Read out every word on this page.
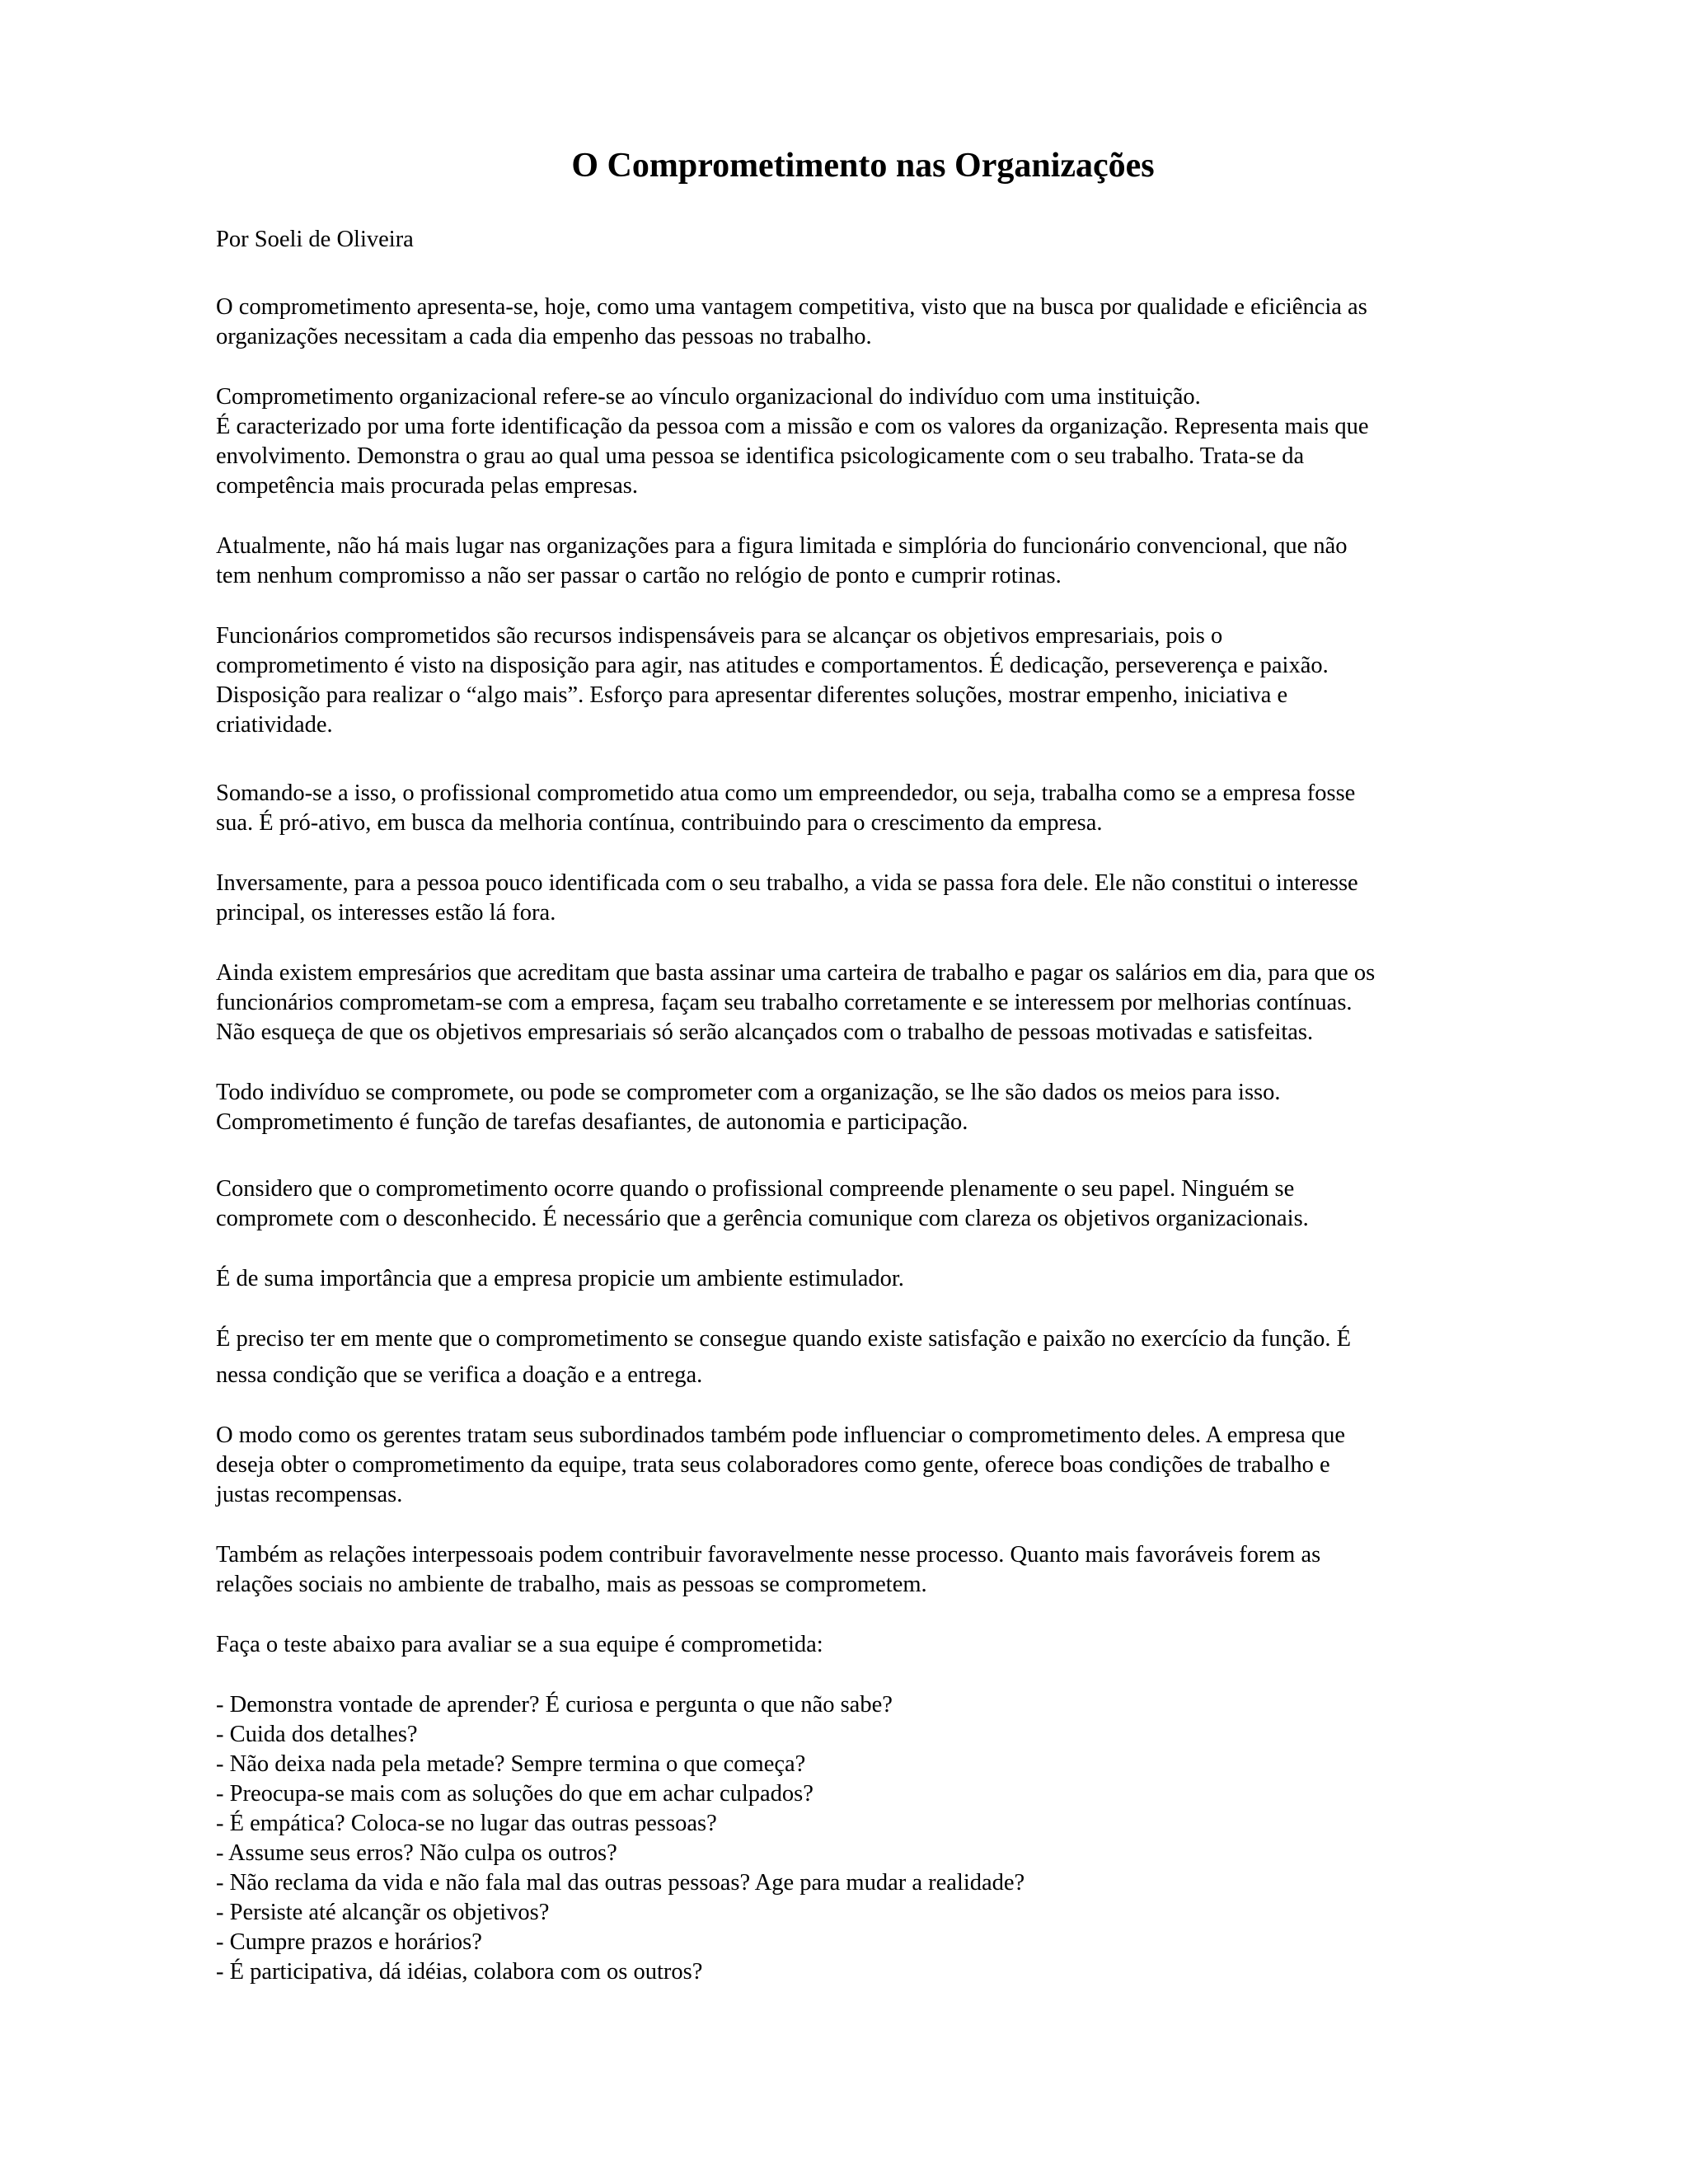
O Comprometimento nas Organizações

Por Soeli de Oliveira

O comprometimento apresenta-se, hoje, como uma vantagem competitiva, visto que na busca por qualidade e eficiência as
organizações necessitam a cada dia empenho das pessoas no trabalho.

Comprometimento organizacional refere-se ao vínculo organizacional do indivíduo com uma instituição.
É caracterizado por uma forte identificação da pessoa com a missão e com os valores da organização. Representa mais que
envolvimento. Demonstra o grau ao qual uma pessoa se identifica psicologicamente com o seu trabalho. Trata-se da
competência mais procurada pelas empresas.

Atualmente, não há mais lugar nas organizações para a figura limitada e simplória do funcionário convencional, que não
tem nenhum compromisso a não ser passar o cartão no relógio de ponto e cumprir rotinas.

Funcionários comprometidos são recursos indispensáveis para se alcançar os objetivos empresariais, pois o
comprometimento é visto na disposição para agir, nas atitudes e comportamentos. É dedicação, perseverença e paixão.
Disposição para realizar o “algo mais”. Esforço para apresentar diferentes soluções, mostrar empenho, iniciativa e
criatividade.

Somando-se a isso, o profissional comprometido atua como um empreendedor, ou seja, trabalha como se a empresa fosse
sua. É pró-ativo, em busca da melhoria contínua, contribuindo para o crescimento da empresa.

Inversamente, para a pessoa pouco identificada com o seu trabalho, a vida se passa fora dele. Ele não constitui o interesse
principal, os interesses estão lá fora.

Ainda existem empresários que acreditam que basta assinar uma carteira de trabalho e pagar os salários em dia, para que os
funcionários comprometam-se com a empresa, façam seu trabalho corretamente e se interessem por melhorias contínuas.
Não esqueça de que os objetivos empresariais só serão alcançados com o trabalho de pessoas motivadas e satisfeitas.

Todo indivíduo se compromete, ou pode se comprometer com a organização, se lhe são dados os meios para isso.
Comprometimento é função de tarefas desafiantes, de autonomia e participação.

Considero que o comprometimento ocorre quando o profissional compreende plenamente o seu papel. Ninguém se
compromete com o desconhecido. É necessário que a gerência comunique com clareza os objetivos organizacionais.

É de suma importância que a empresa propicie um ambiente estimulador.

É preciso ter em mente que o comprometimento se consegue quando existe satisfação e paixão no exercício da função. É
nessa condição que se verifica a doação e a entrega.

O modo como os gerentes tratam seus subordinados também pode influenciar o comprometimento deles. A empresa que
deseja obter o comprometimento da equipe, trata seus colaboradores como gente, oferece boas condições de trabalho e
justas recompensas.

Também as relações interpessoais podem contribuir favoravelmente nesse processo. Quanto mais favoráveis forem as
relações sociais no ambiente de trabalho, mais as pessoas se comprometem.

Faça o teste abaixo para avaliar se a sua equipe é comprometida:

- Demonstra vontade de aprender? É curiosa e pergunta o que não sabe?
- Cuida dos detalhes?
- Não deixa nada pela metade? Sempre termina o que começa?
- Preocupa-se mais com as soluções do que em achar culpados?
- É empática? Coloca-se no lugar das outras pessoas?
- Assume seus erros? Não culpa os outros?
- Não reclama da vida e não fala mal das outras pessoas? Age para mudar a realidade?
- Persiste até alcançãr os objetivos?
- Cumpre prazos e horários?
- É participativa, dá idéias, colabora com os outros?
